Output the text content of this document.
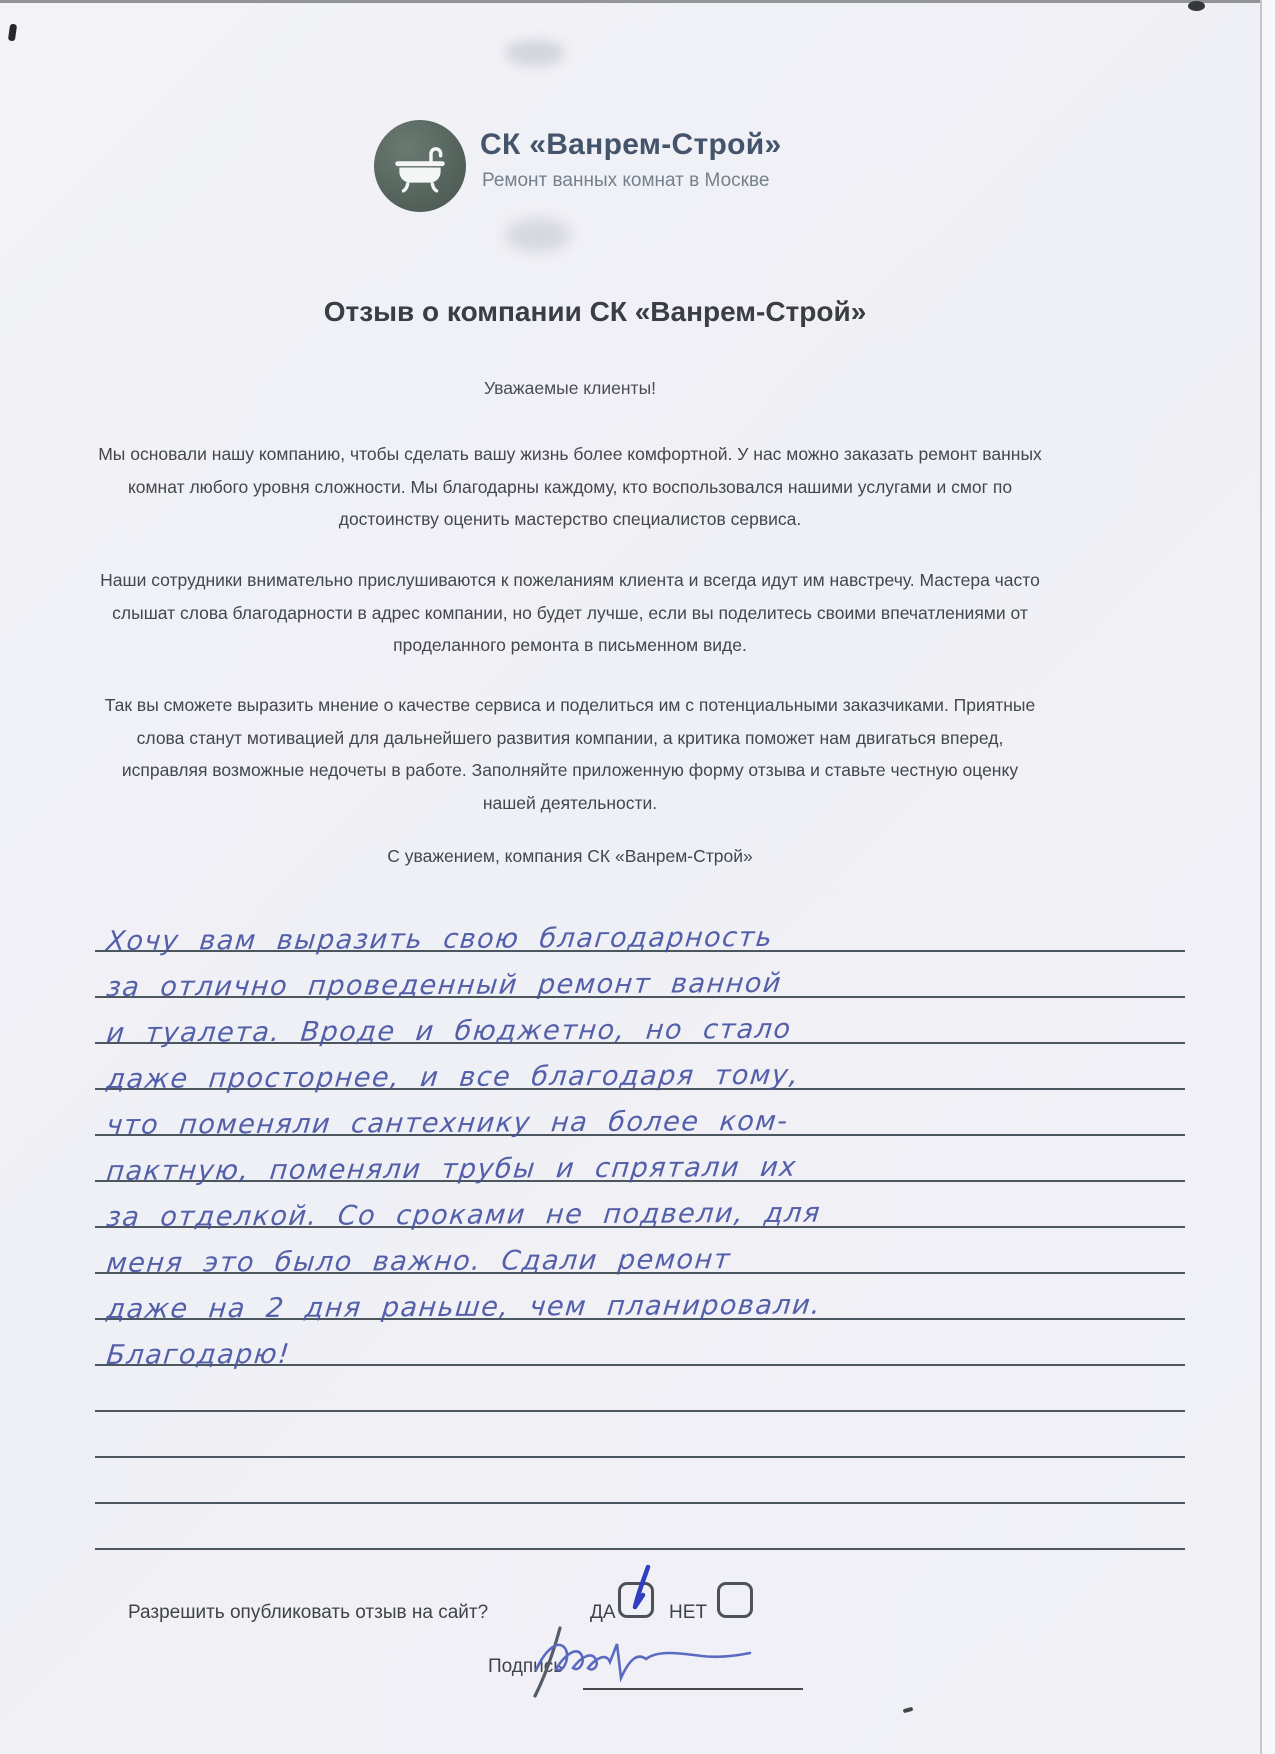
СК «Ванрем-Строй»
Ремонт ванных комнат в Москве
Отзыв о компании СК «Ванрем-Строй»
Уважаемые клиенты!
Мы основали нашу компанию, чтобы сделать вашу жизнь более комфортной. У нас можно заказать ремонт ванных комнат любого уровня сложности. Мы благодарны каждому, кто воспользовался нашими услугами и смог по достоинству оценить мастерство специалистов сервиса.
Наши сотрудники внимательно прислушиваются к пожеланиям клиента и всегда идут им навстречу. Мастера часто слышат слова благодарности в адрес компании, но будет лучше, если вы поделитесь своими впечатлениями от проделанного ремонта в письменном виде.
Так вы сможете выразить мнение о качестве сервиса и поделиться им с потенциальными заказчиками. Приятные слова станут мотивацией для дальнейшего развития компании, а критика поможет нам двигаться вперед, исправляя возможные недочеты в работе. Заполняйте приложенную форму отзыва и ставьте честную оценку нашей деятельности.
С уважением, компания СК «Ванрем-Строй»
Хочу вам выразить свою благодарность
за отлично проведенный ремонт ванной
и туалета. Вроде и бюджетно, но стало
даже просторнее, и все благодаря тому,
что поменяли сантехнику на более ком-
пактную, поменяли трубы и спрятали их
за отделкой. Со сроками не подвели, для
меня это было важно. Сдали ремонт
даже на 2 дня раньше, чем планировали.
Благодарю!
Разрешить опубликовать отзыв на сайт?	ДА	НЕТ
Подпись
